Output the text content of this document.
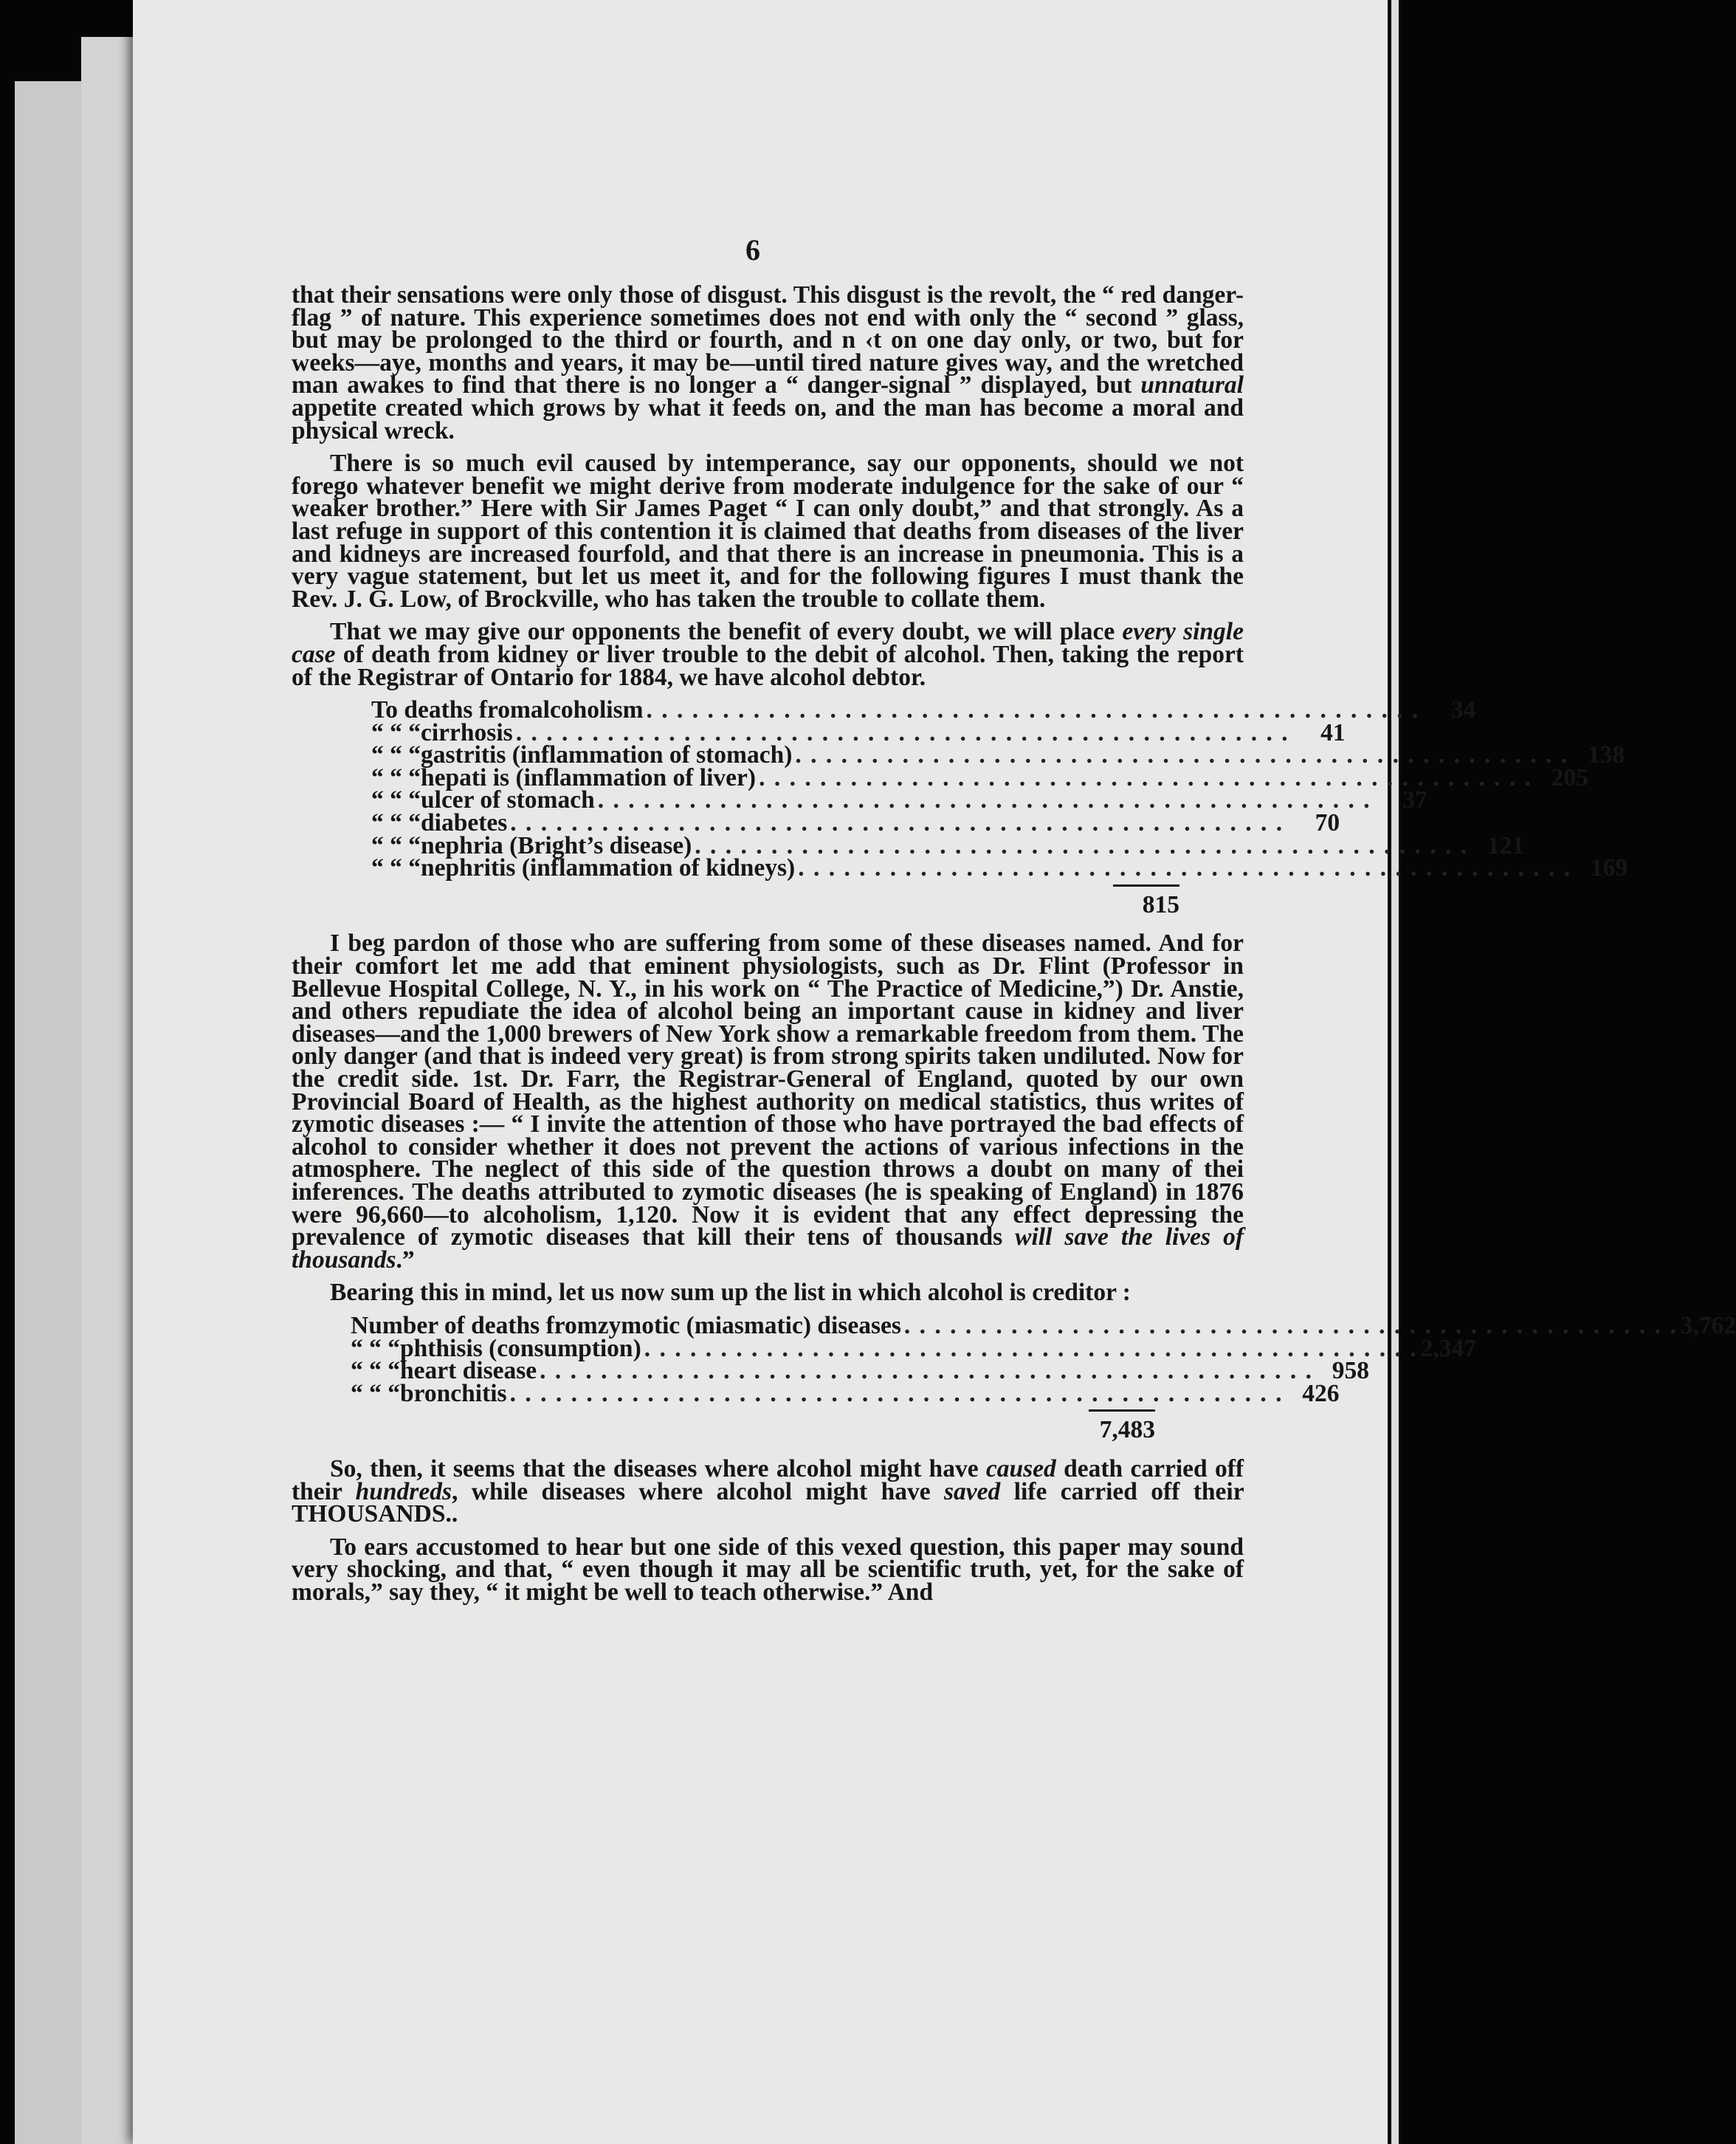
6

that their sensations were only those of disgust. This disgust is the revolt, the “ red danger-flag ” of nature. This experience sometimes does not end with only the “ second ” glass, but may be prolonged to the third or fourth, and n ‹t on one day only, or two, but for weeks—aye, months and years, it may be—until tired nature gives way, and the wretched man awakes to find that there is no longer a “ danger-signal ” displayed, but unnatural appetite created which grows by what it feeds on, and the man has become a moral and physical wreck.

There is so much evil caused by intemperance, say our opponents, should we not forego whatever benefit we might derive from moderate indulgence for the sake of our “ weaker brother.” Here with Sir James Paget “ I can only doubt,” and that strongly. As a last refuge in support of this contention it is claimed that deaths from diseases of the liver and kidneys are increased fourfold, and that there is an increase in pneumonia. This is a very vague statement, but let us meet it, and for the following figures I must thank the Rev. J. G. Low, of Brockville, who has taken the trouble to collate them.

That we may give our opponents the benefit of every doubt, we will place every single case of death from kidney or liver trouble to the debit of alcohol. Then, taking the report of the Registrar of Ontario for 1884, we have alcohol debtor.

To deaths from alcoholism . . . . . . . . . . . . . . . . . . . . . . . . . . . . . . . . . . . . . . . . . . . . . . . . . . .	34
“ “ “ cirrhosis . . . . . . . . . . . . . . . . . . . . . . . . . . . . . . . . . . . . . . . . . . . . . . . . . . .	41
“ “ “ gastritis (inflammation of stomach) . . . . . . . . . . . . . . . . . . . . . . . . . . . . . . . . . . . . . . . . . . . . . . . . . . . 138
“ “ “ hepati is (inflammation of liver) . . . . . . . . . . . . . . . . . . . . . . . . . . . . . . . . . . . . . . . . . . . . . . . . . . . 205
“ “ “ ulcer of stomach . . . . . . . . . . . . . . . . . . . . . . . . . . . . . . . . . . . . . . . . . . . . . . . . . . .	37
“ “ “ diabetes . . . . . . . . . . . . . . . . . . . . . . . . . . . . . . . . . . . . . . . . . . . . . . . . . . .	70
“ “ “ nephria (Bright’s disease) . . . . . . . . . . . . . . . . . . . . . . . . . . . . . . . . . . . . . . . . . . . . . . . . . . . 121
“ “ “ nephritis (inflammation of kidneys) . . . . . . . . . . . . . . . . . . . . . . . . . . . . . . . . . . . . . . . . . . . . . . . . . . . 169
815

I beg pardon of those who are suffering from some of these diseases named. And for their comfort let me add that eminent physiologists, such as Dr. Flint (Professor in Bellevue Hospital College, N. Y., in his work on “ The Practice of Medicine,”) Dr. Anstie, and others repudiate the idea of alcohol being an important cause in kidney and liver diseases—and the 1,000 brewers of New York show a remarkable freedom from them. The only danger (and that is indeed very great) is from strong spirits taken undiluted. Now for the credit side. 1st. Dr. Farr, the Registrar-General of England, quoted by our own Provincial Board of Health, as the highest authority on medical statistics, thus writes of zymotic diseases :— “ I invite the attention of those who have portrayed the bad effects of alcohol to consider whether it does not prevent the actions of various infections in the atmosphere. The neglect of this side of the question throws a doubt on many of thei inferences. The deaths attributed to zymotic diseases (he is speaking of England) in 1876 were 96,660—to alcoholism, 1,120. Now it is evident that any effect depressing the prevalence of zymotic diseases that kill their tens of thousands will save the lives of thousands.”

Bearing this in mind, let us now sum up the list in which alcohol is creditor :

Number of deaths from zymotic (miasmatic) diseases . . . . . . . . . . . . . . . . . . . . . . . . . . . . . . . . . . . . . . . . . . . . . . . . . . . 3,762
“ “ “ phthisis (consumption) . . . . . . . . . . . . . . . . . . . . . . . . . . . . . . . . . . . . . . . . . . . . . . . . . . . 2,347
“ “ “ heart disease . . . . . . . . . . . . . . . . . . . . . . . . . . . . . . . . . . . . . . . . . . . . . . . . . . . 958
“ “ “ bronchitis . . . . . . . . . . . . . . . . . . . . . . . . . . . . . . . . . . . . . . . . . . . . . . . . . . . 426
7,483

So, then, it seems that the diseases where alcohol might have caused death carried off their hundreds, while diseases where alcohol might have saved life carried off their THOUSANDS..

To ears accustomed to hear but one side of this vexed question, this paper may sound very shocking, and that, “ even though it may all be scientific truth, yet, for the sake of morals,” say they, “ it might be well to teach otherwise.” And
